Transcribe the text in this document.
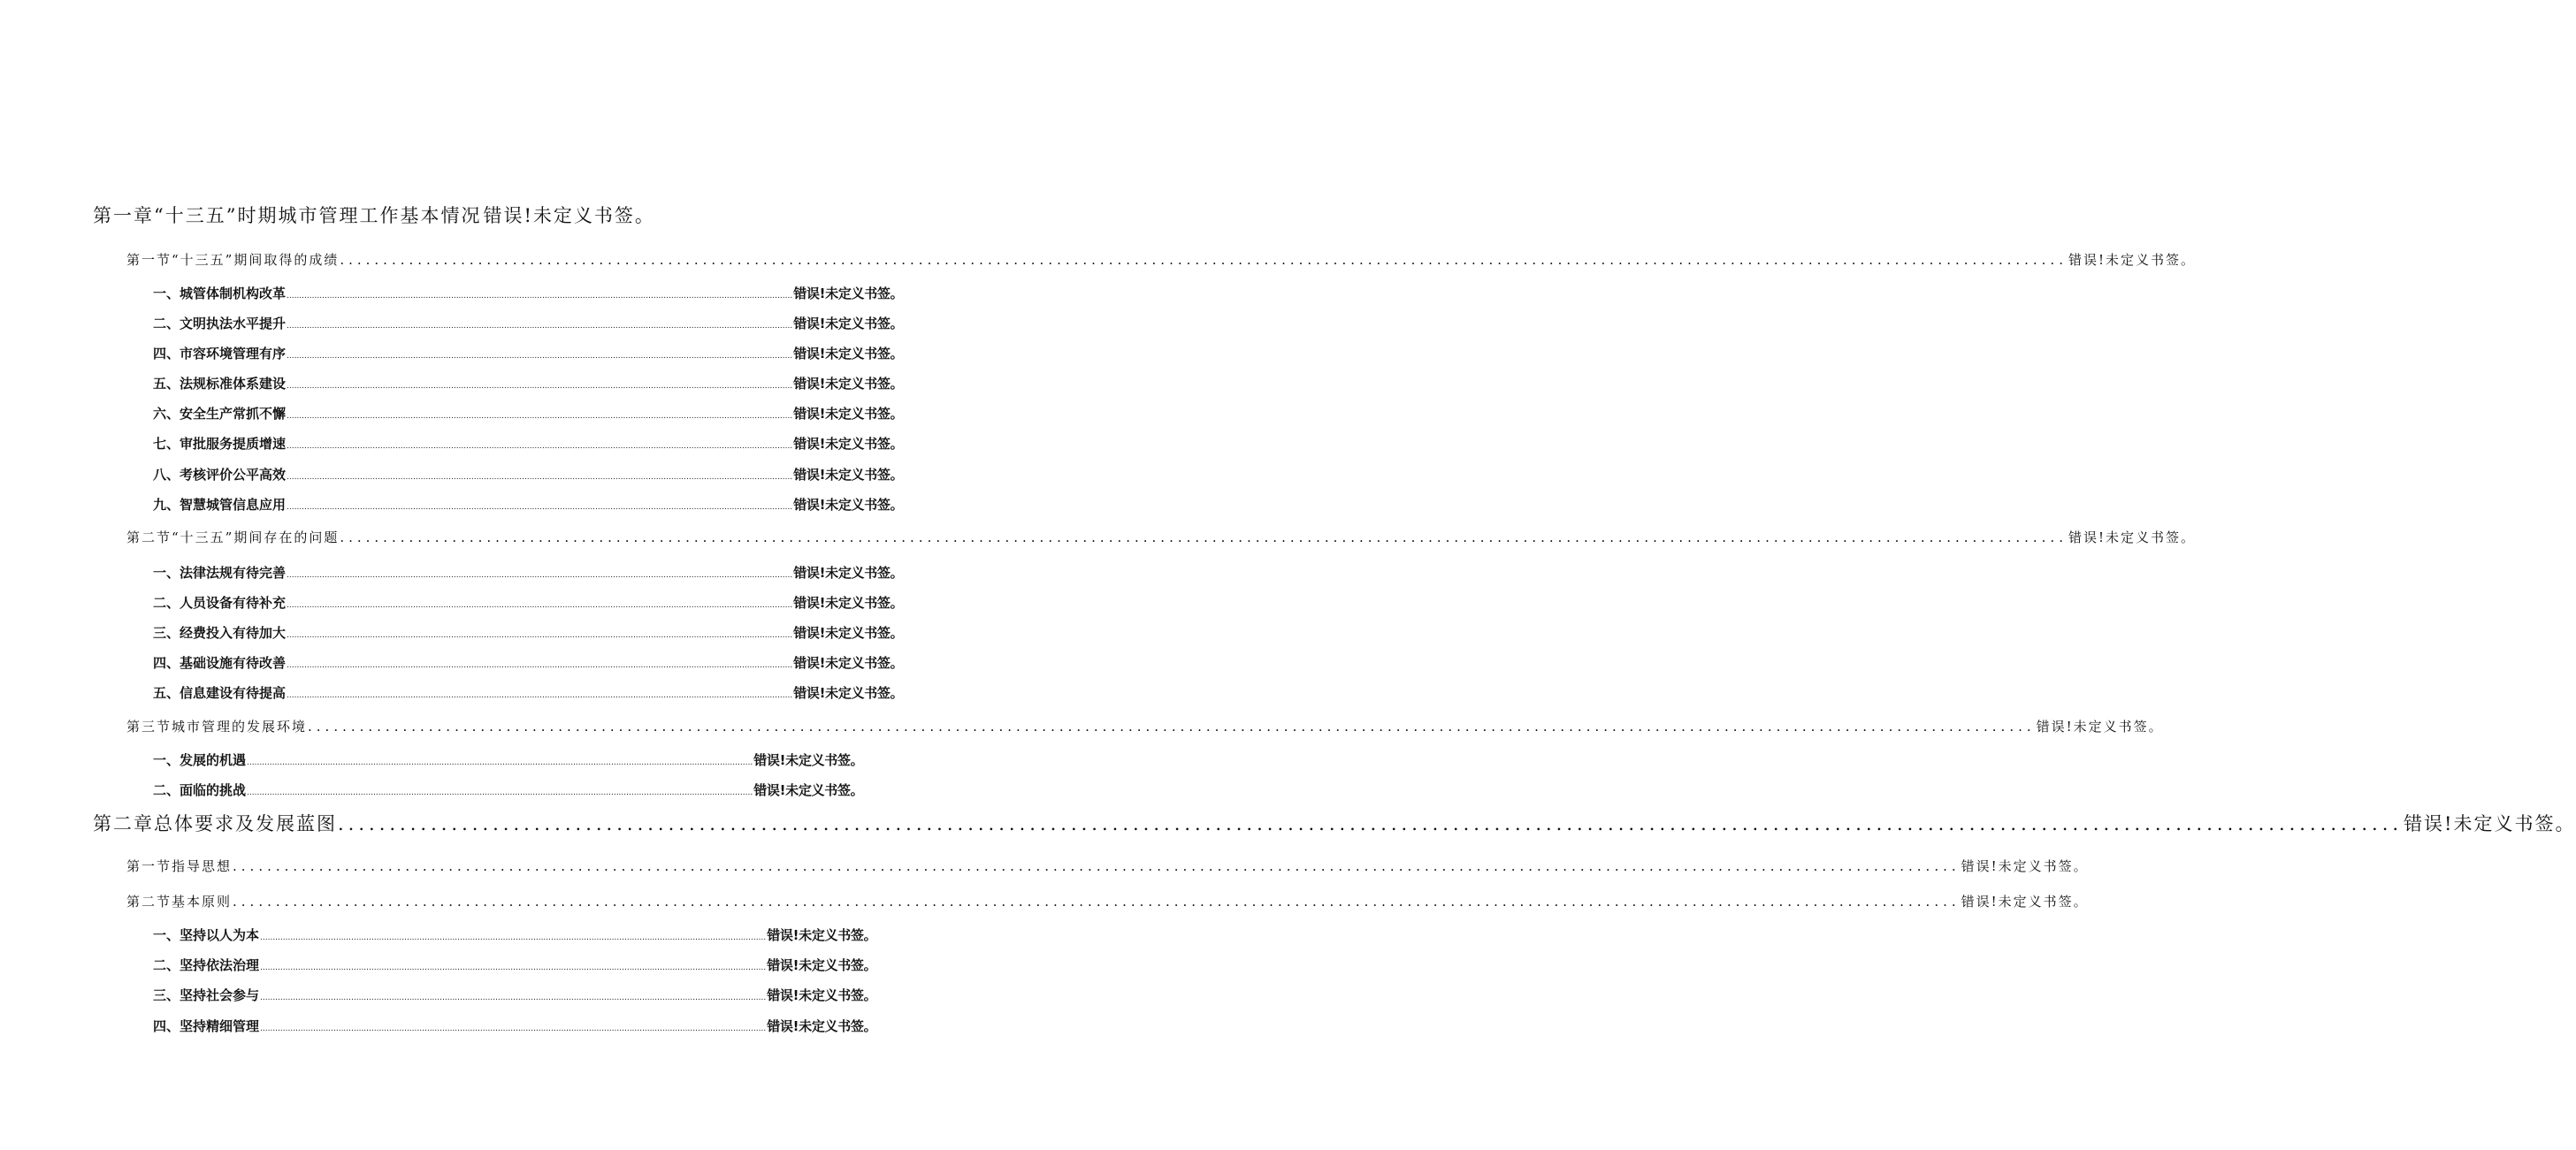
第一章“十三五”时期城市管理工作基本情况 错误!未定义书签。
第一节“十三五”期间取得的成绩 ........................................................................................................................................................................................................ 错误!未定义书签。
一、城管体制机构改革 ........................................................................................................................................................................................................ 错误!未定义书签。
二、文明执法水平提升 ........................................................................................................................................................................................................ 错误!未定义书签。
四、市容环境管理有序 ........................................................................................................................................................................................................ 错误!未定义书签。
五、法规标准体系建设 ........................................................................................................................................................................................................ 错误!未定义书签。
六、安全生产常抓不懈 ........................................................................................................................................................................................................ 错误!未定义书签。
七、审批服务提质增速 ........................................................................................................................................................................................................ 错误!未定义书签。
八、考核评价公平高效 ........................................................................................................................................................................................................ 错误!未定义书签。
九、智慧城管信息应用 ........................................................................................................................................................................................................ 错误!未定义书签。
第二节“十三五”期间存在的问题 ........................................................................................................................................................................................................ 错误!未定义书签。
一、法律法规有待完善 ........................................................................................................................................................................................................ 错误!未定义书签。
二、人员设备有待补充 ........................................................................................................................................................................................................ 错误!未定义书签。
三、经费投入有待加大 ........................................................................................................................................................................................................ 错误!未定义书签。
四、基础设施有待改善 ........................................................................................................................................................................................................ 错误!未定义书签。
五、信息建设有待提高 ........................................................................................................................................................................................................ 错误!未定义书签。
第三节城市管理的发展环境 ........................................................................................................................................................................................................ 错误!未定义书签。
一、发展的机遇 ........................................................................................................................................................................................................ 错误!未定义书签。
二、面临的挑战 ........................................................................................................................................................................................................ 错误!未定义书签。
第二章总体要求及发展蓝图 ........................................................................................................................................................................................................ 错误!未定义书签。
第一节指导思想 ........................................................................................................................................................................................................ 错误!未定义书签。
第二节基本原则 ........................................................................................................................................................................................................ 错误!未定义书签。
一、坚持以人为本 ........................................................................................................................................................................................................ 错误!未定义书签。
二、坚持依法治理 ........................................................................................................................................................................................................ 错误!未定义书签。
三、坚持社会参与 ........................................................................................................................................................................................................ 错误!未定义书签。
四、坚持精细管理 ........................................................................................................................................................................................................ 错误!未定义书签。
